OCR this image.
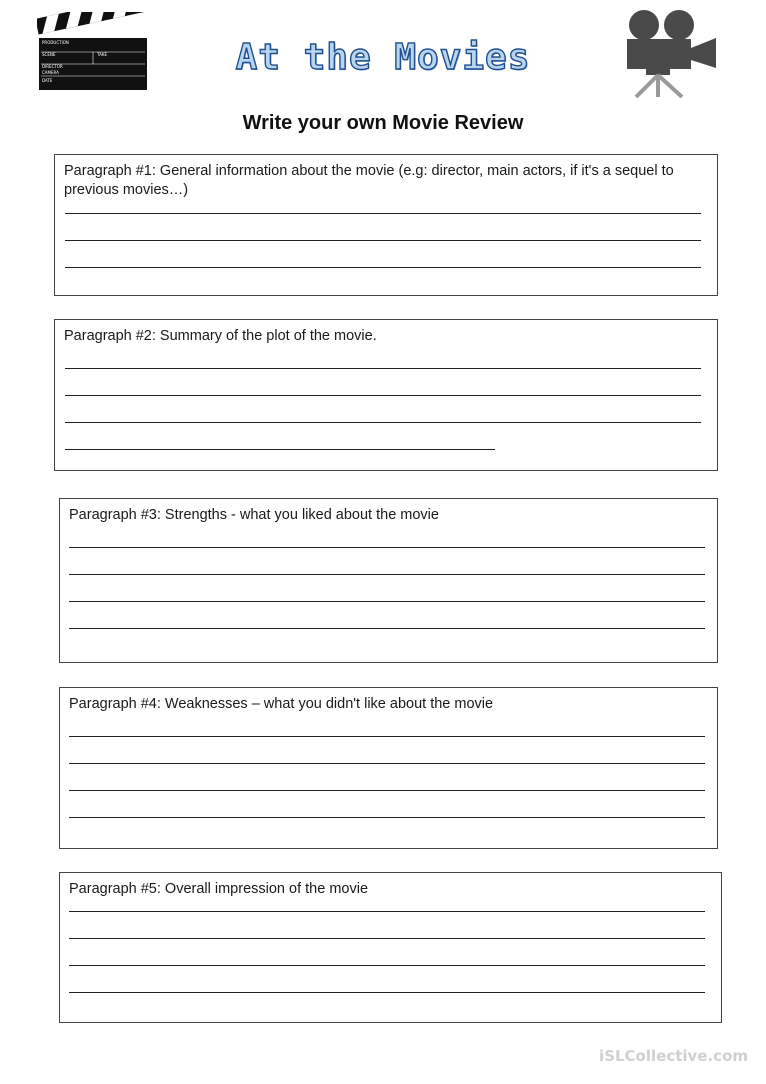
PRODUCTION
SCENE	TAKE
DIRECTOR
CAMERA
DATE
At the Movies
Write your own Movie Review
Paragraph #1: General information about the movie (e.g: director, main actors, if it's a sequel to previous movies…)
Paragraph #2: Summary of the plot of the movie.
Paragraph #3: Strengths - what you liked about the movie
Paragraph #4: Weaknesses – what you didn't like about the movie
Paragraph #5: Overall impression of the movie
iSLCollective.com
